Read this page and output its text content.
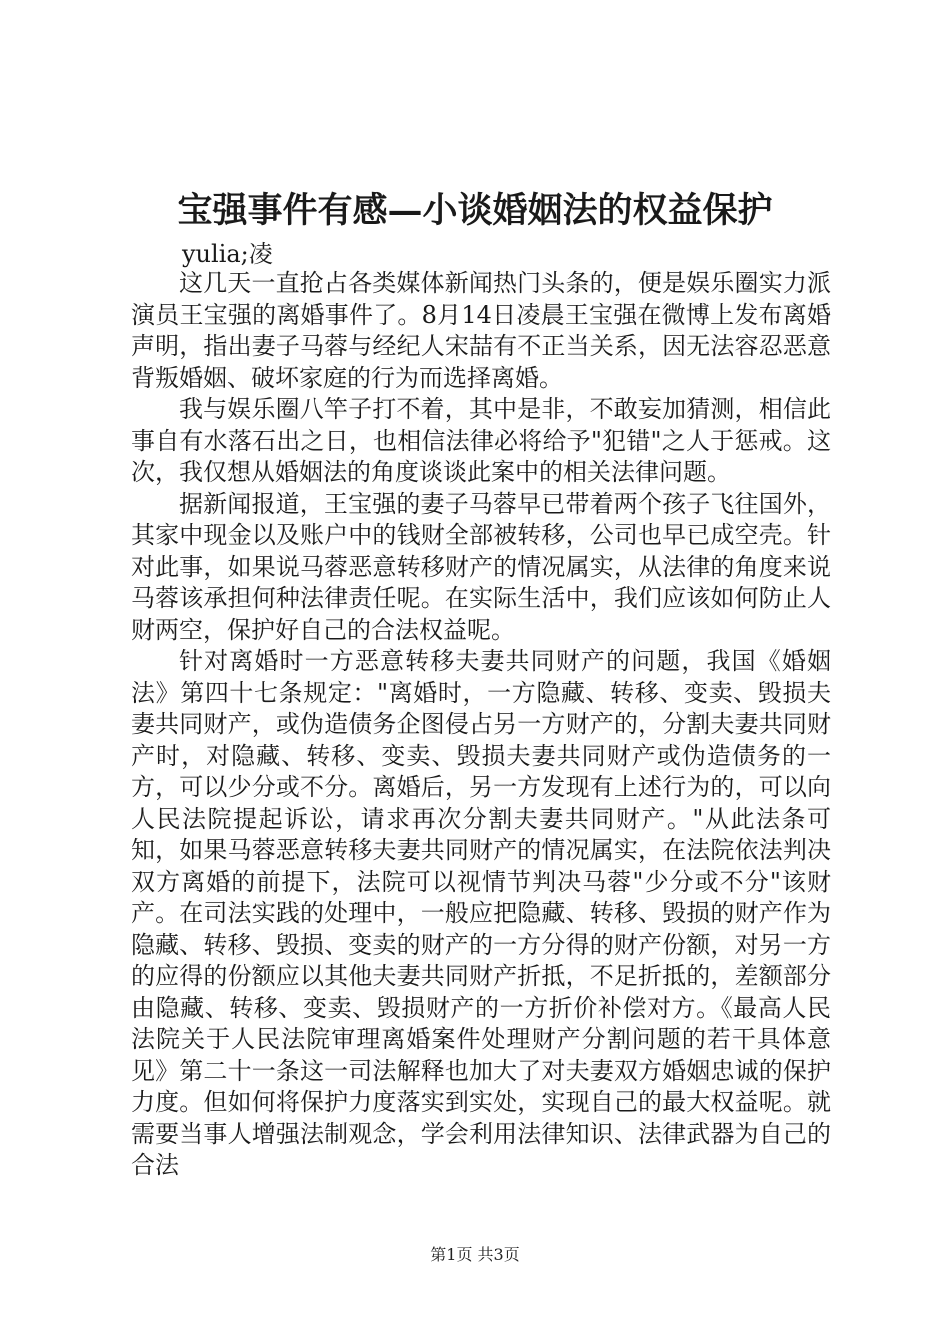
宝强事件有感—小谈婚姻法的权益保护
yulia;凌

这几天一直抢占各类媒体新闻热门头条的，便是娱乐圈实力派演员王宝强的离婚事件了。8月14日凌晨王宝强在微博上发布离婚声明，指出妻子马蓉与经纪人宋喆有不正当关系，因无法容忍恶意背叛婚姻、破坏家庭的行为而选择离婚。

我与娱乐圈八竿子打不着，其中是非，不敢妄加猜测，相信此事自有水落石出之日，也相信法律必将给予"犯错"之人于惩戒。这次，我仅想从婚姻法的角度谈谈此案中的相关法律问题。

据新闻报道，王宝强的妻子马蓉早已带着两个孩子飞往国外，其家中现金以及账户中的钱财全部被转移，公司也早已成空壳。针对此事，如果说马蓉恶意转移财产的情况属实，从法律的角度来说马蓉该承担何种法律责任呢。在实际生活中，我们应该如何防止人财两空，保护好自己的合法权益呢。

针对离婚时一方恶意转移夫妻共同财产的问题，我国《婚姻法》第四十七条规定："离婚时，一方隐藏、转移、变卖、毁损夫妻共同财产，或伪造债务企图侵占另一方财产的，分割夫妻共同财产时，对隐藏、转移、变卖、毁损夫妻共同财产或伪造债务的一方，可以少分或不分。离婚后，另一方发现有上述行为的，可以向人民法院提起诉讼，请求再次分割夫妻共同财产。"从此法条可知，如果马蓉恶意转移夫妻共同财产的情况属实，在法院依法判决双方离婚的前提下，法院可以视情节判决马蓉"少分或不分"该财产。在司法实践的处理中，一般应把隐藏、转移、毁损的财产作为隐藏、转移、毁损、变卖的财产的一方分得的财产份额，对另一方的应得的份额应以其他夫妻共同财产折抵，不足折抵的，差额部分由隐藏、转移、变卖、毁损财产的一方折价补偿对方。《最高人民法院关于人民法院审理离婚案件处理财产分割问题的若干具体意见》第二十一条这一司法解释也加大了对夫妻双方婚姻忠诚的保护力度。但如何将保护力度落实到实处，实现自己的最大权益呢。就需要当事人增强法制观念，学会利用法律知识、法律武器为自己的合法

第1页 共3页
